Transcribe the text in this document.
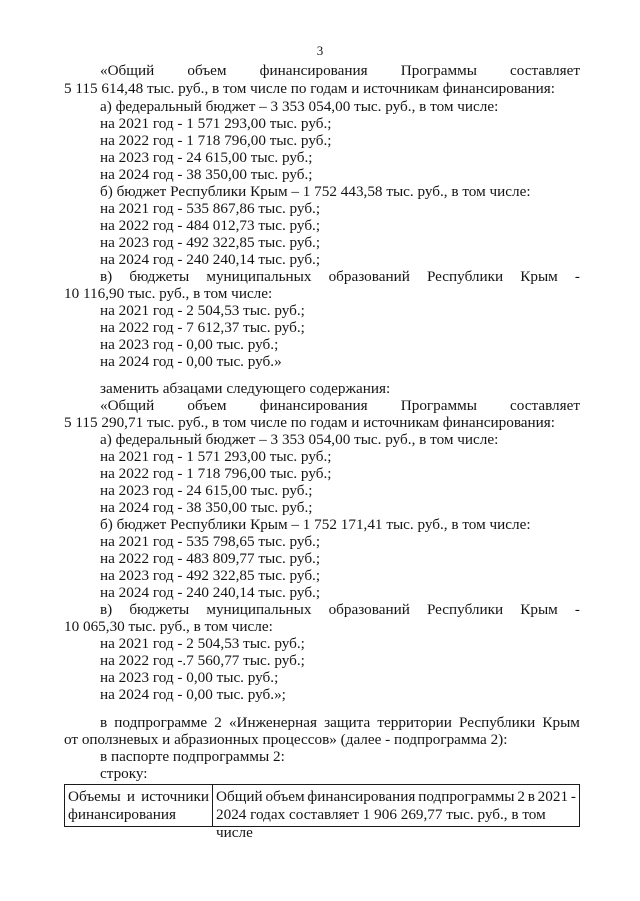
3
«Общий объем финансирования Программы составляет
5 115 614,48 тыс. руб., в том числе по годам и источникам финансирования:
а) федеральный бюджет – 3 353 054,00 тыс. руб., в том числе:
на 2021 год - 1 571 293,00 тыс. руб.;
на 2022 год - 1 718 796,00 тыс. руб.;
на 2023 год - 24 615,00 тыс. руб.;
на 2024 год - 38 350,00 тыс. руб.;
б) бюджет Республики Крым – 1 752 443,58 тыс. руб., в том числе:
на 2021 год - 535 867,86 тыс. руб.;
на 2022 год - 484 012,73 тыс. руб.;
на 2023 год - 492 322,85 тыс. руб.;
на 2024 год - 240 240,14 тыс. руб.;
в) бюджеты муниципальных образований Республики Крым -
10 116,90 тыс. руб., в том числе:
на 2021 год - 2 504,53 тыс. руб.;
на 2022 год - 7 612,37 тыс. руб.;
на 2023 год - 0,00 тыс. руб.;
на 2024 год - 0,00 тыс. руб.»
заменить абзацами следующего содержания:
«Общий объем финансирования Программы составляет
5 115 290,71 тыс. руб., в том числе по годам и источникам финансирования:
а) федеральный бюджет – 3 353 054,00 тыс. руб., в том числе:
на 2021 год - 1 571 293,00 тыс. руб.;
на 2022 год - 1 718 796,00 тыс. руб.;
на 2023 год - 24 615,00 тыс. руб.;
на 2024 год - 38 350,00 тыс. руб.;
б) бюджет Республики Крым – 1 752 171,41 тыс. руб., в том числе:
на 2021 год - 535 798,65 тыс. руб.;
на 2022 год - 483 809,77 тыс. руб.;
на 2023 год - 492 322,85 тыс. руб.;
на 2024 год - 240 240,14 тыс. руб.;
в) бюджеты муниципальных образований Республики Крым -
10 065,30 тыс. руб., в том числе:
на 2021 год - 2 504,53 тыс. руб.;
на 2022 год -.7 560,77 тыс. руб.;
на 2023 год - 0,00 тыс. руб.;
на 2024 год - 0,00 тыс. руб.»;
в подпрограмме 2 «Инженерная защита территории Республики Крым
от оползневых и абразионных процессов» (далее - подпрограмма 2):
в паспорте подпрограммы 2:
строку:
Объемы и источники
финансирования
Общий объем финансирования подпрограммы 2 в 2021 -
2024 годах составляет 1 906 269,77 тыс. руб., в том числе
